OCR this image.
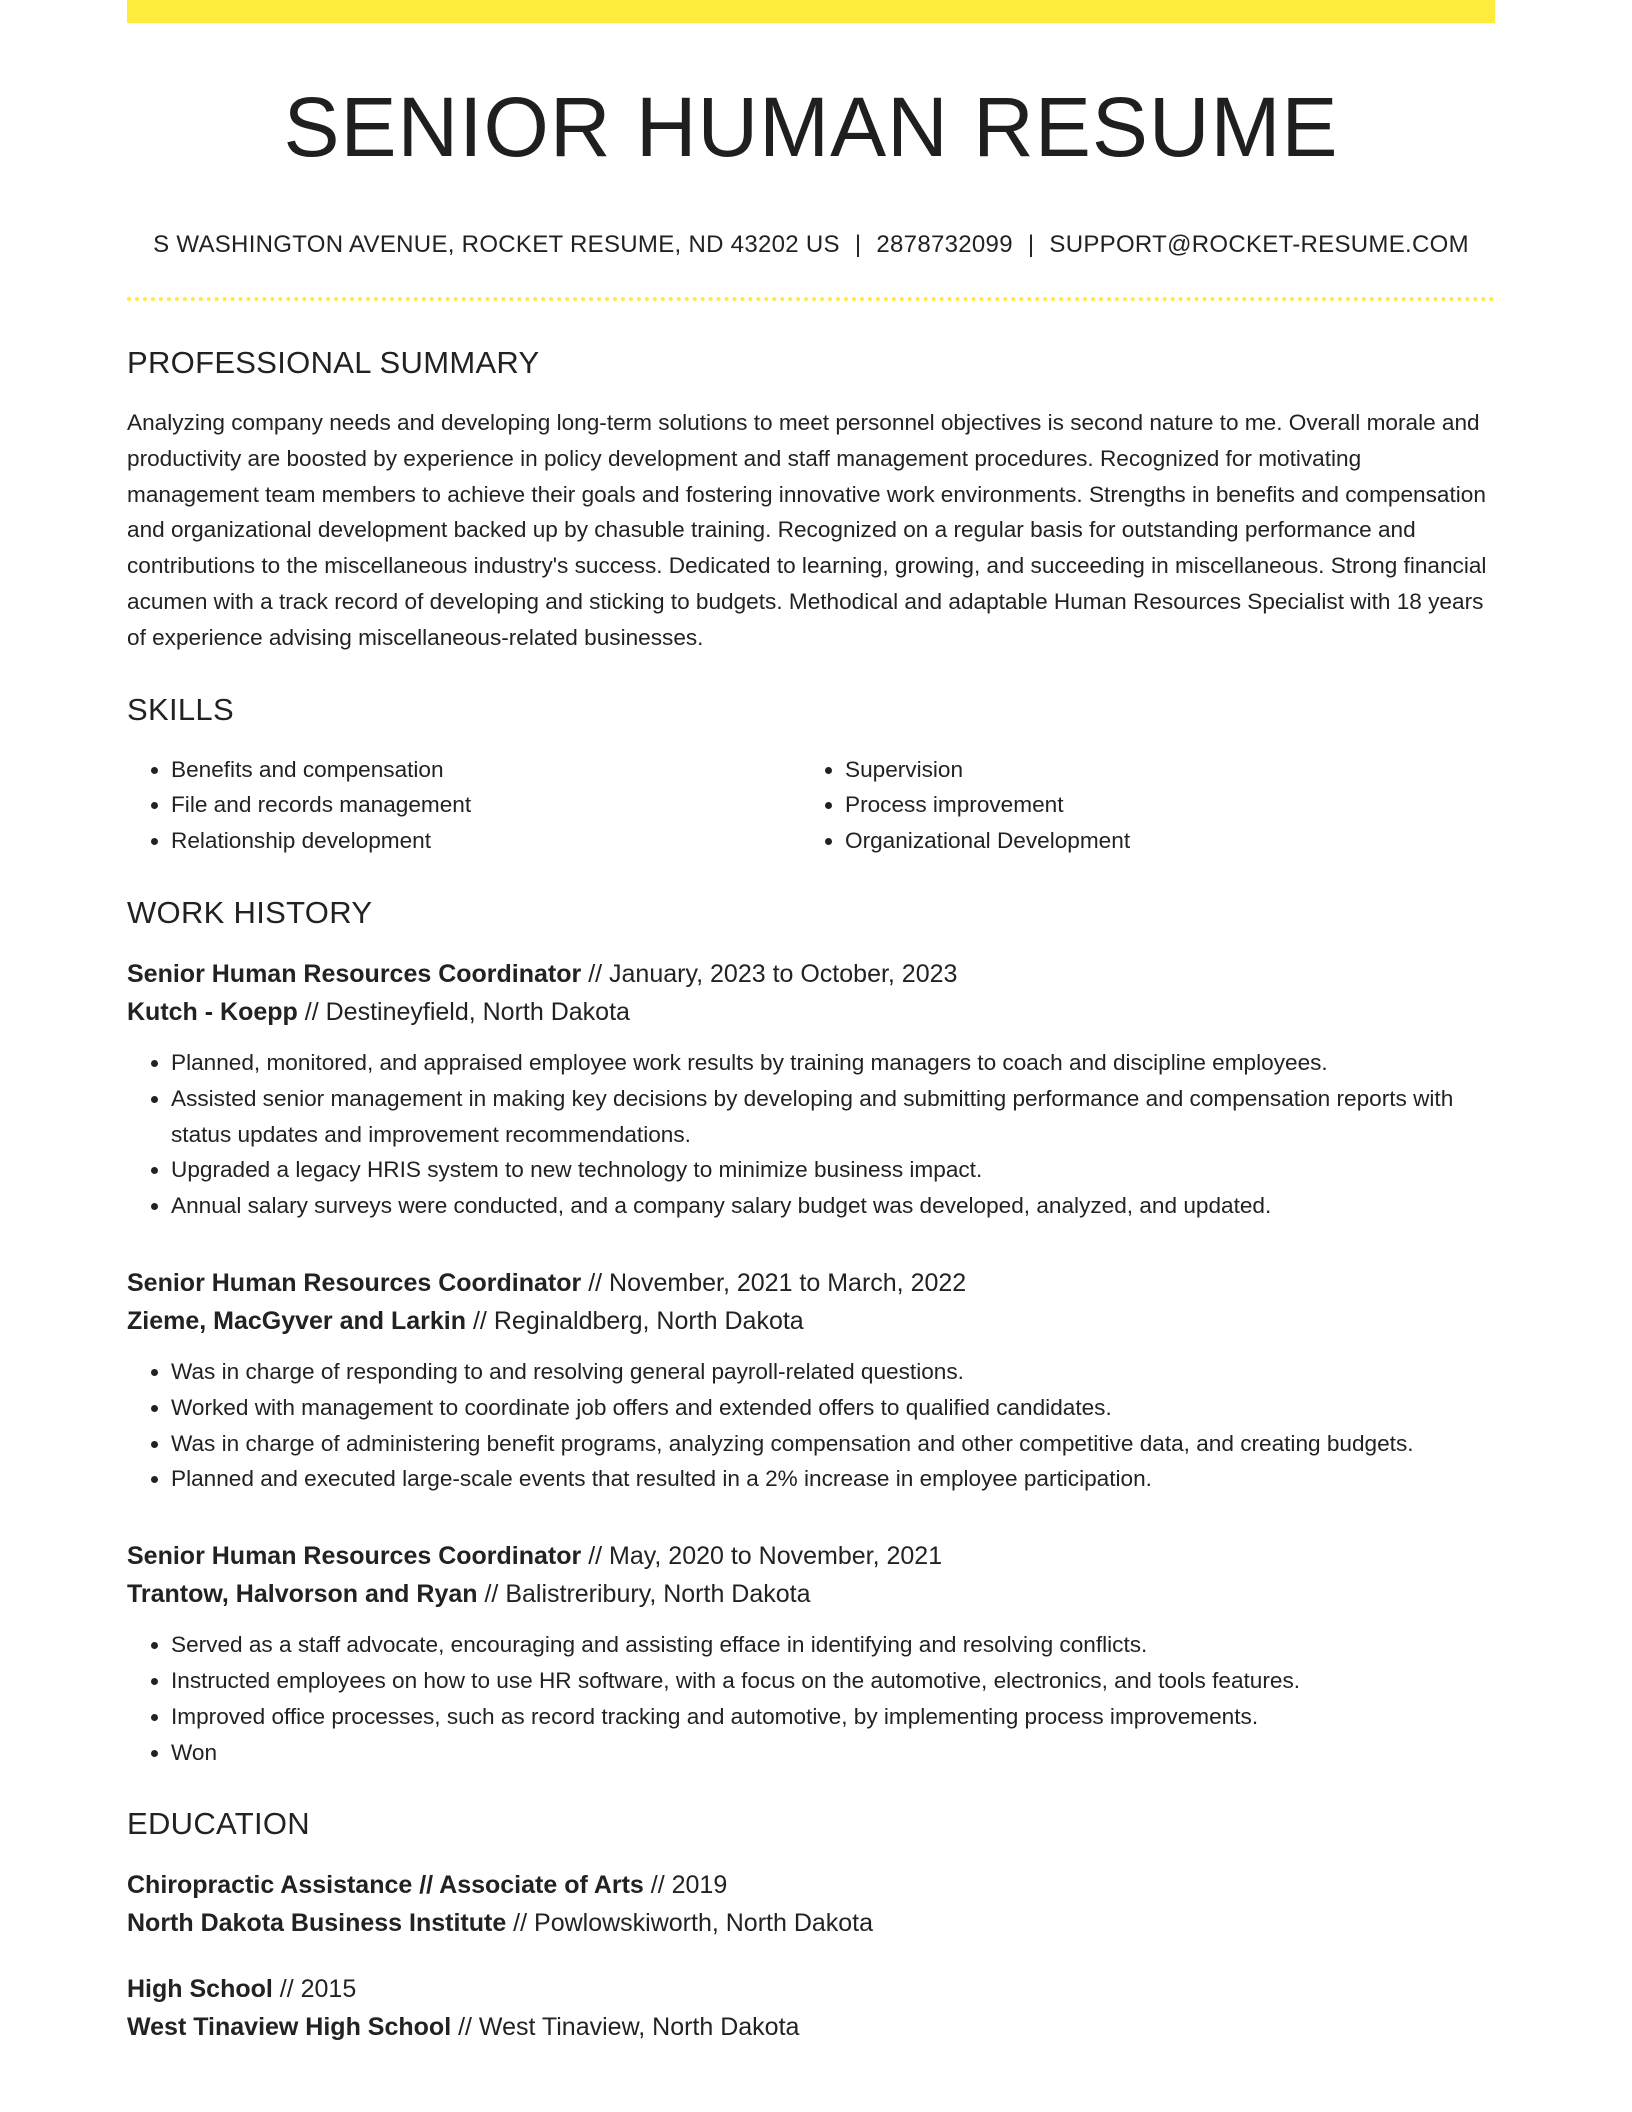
SENIOR HUMAN RESUME
S WASHINGTON AVENUE, ROCKET RESUME, ND 43202 US | 2878732099 | SUPPORT@ROCKET-RESUME.COM
PROFESSIONAL SUMMARY
Analyzing company needs and developing long-term solutions to meet personnel objectives is second nature to me. Overall morale and productivity are boosted by experience in policy development and staff management procedures. Recognized for motivating management team members to achieve their goals and fostering innovative work environments. Strengths in benefits and compensation and organizational development backed up by chasuble training. Recognized on a regular basis for outstanding performance and contributions to the miscellaneous industry's success. Dedicated to learning, growing, and succeeding in miscellaneous. Strong financial acumen with a track record of developing and sticking to budgets. Methodical and adaptable Human Resources Specialist with 18 years of experience advising miscellaneous-related businesses.
SKILLS
• Benefits and compensation
• File and records management
• Relationship development
• Supervision
• Process improvement
• Organizational Development
WORK HISTORY
Senior Human Resources Coordinator // January, 2023 to October, 2023
Kutch - Koepp // Destineyfield, North Dakota
• Planned, monitored, and appraised employee work results by training managers to coach and discipline employees.
• Assisted senior management in making key decisions by developing and submitting performance and compensation reports with status updates and improvement recommendations.
• Upgraded a legacy HRIS system to new technology to minimize business impact.
• Annual salary surveys were conducted, and a company salary budget was developed, analyzed, and updated.
Senior Human Resources Coordinator // November, 2021 to March, 2022
Zieme, MacGyver and Larkin // Reginaldberg, North Dakota
• Was in charge of responding to and resolving general payroll-related questions.
• Worked with management to coordinate job offers and extended offers to qualified candidates.
• Was in charge of administering benefit programs, analyzing compensation and other competitive data, and creating budgets.
• Planned and executed large-scale events that resulted in a 2% increase in employee participation.
Senior Human Resources Coordinator // May, 2020 to November, 2021
Trantow, Halvorson and Ryan // Balistreribury, North Dakota
• Served as a staff advocate, encouraging and assisting efface in identifying and resolving conflicts.
• Instructed employees on how to use HR software, with a focus on the automotive, electronics, and tools features.
• Improved office processes, such as record tracking and automotive, by implementing process improvements.
• Won
EDUCATION
Chiropractic Assistance // Associate of Arts // 2019
North Dakota Business Institute // Powlowskiworth, North Dakota
High School // 2015
West Tinaview High School // West Tinaview, North Dakota
